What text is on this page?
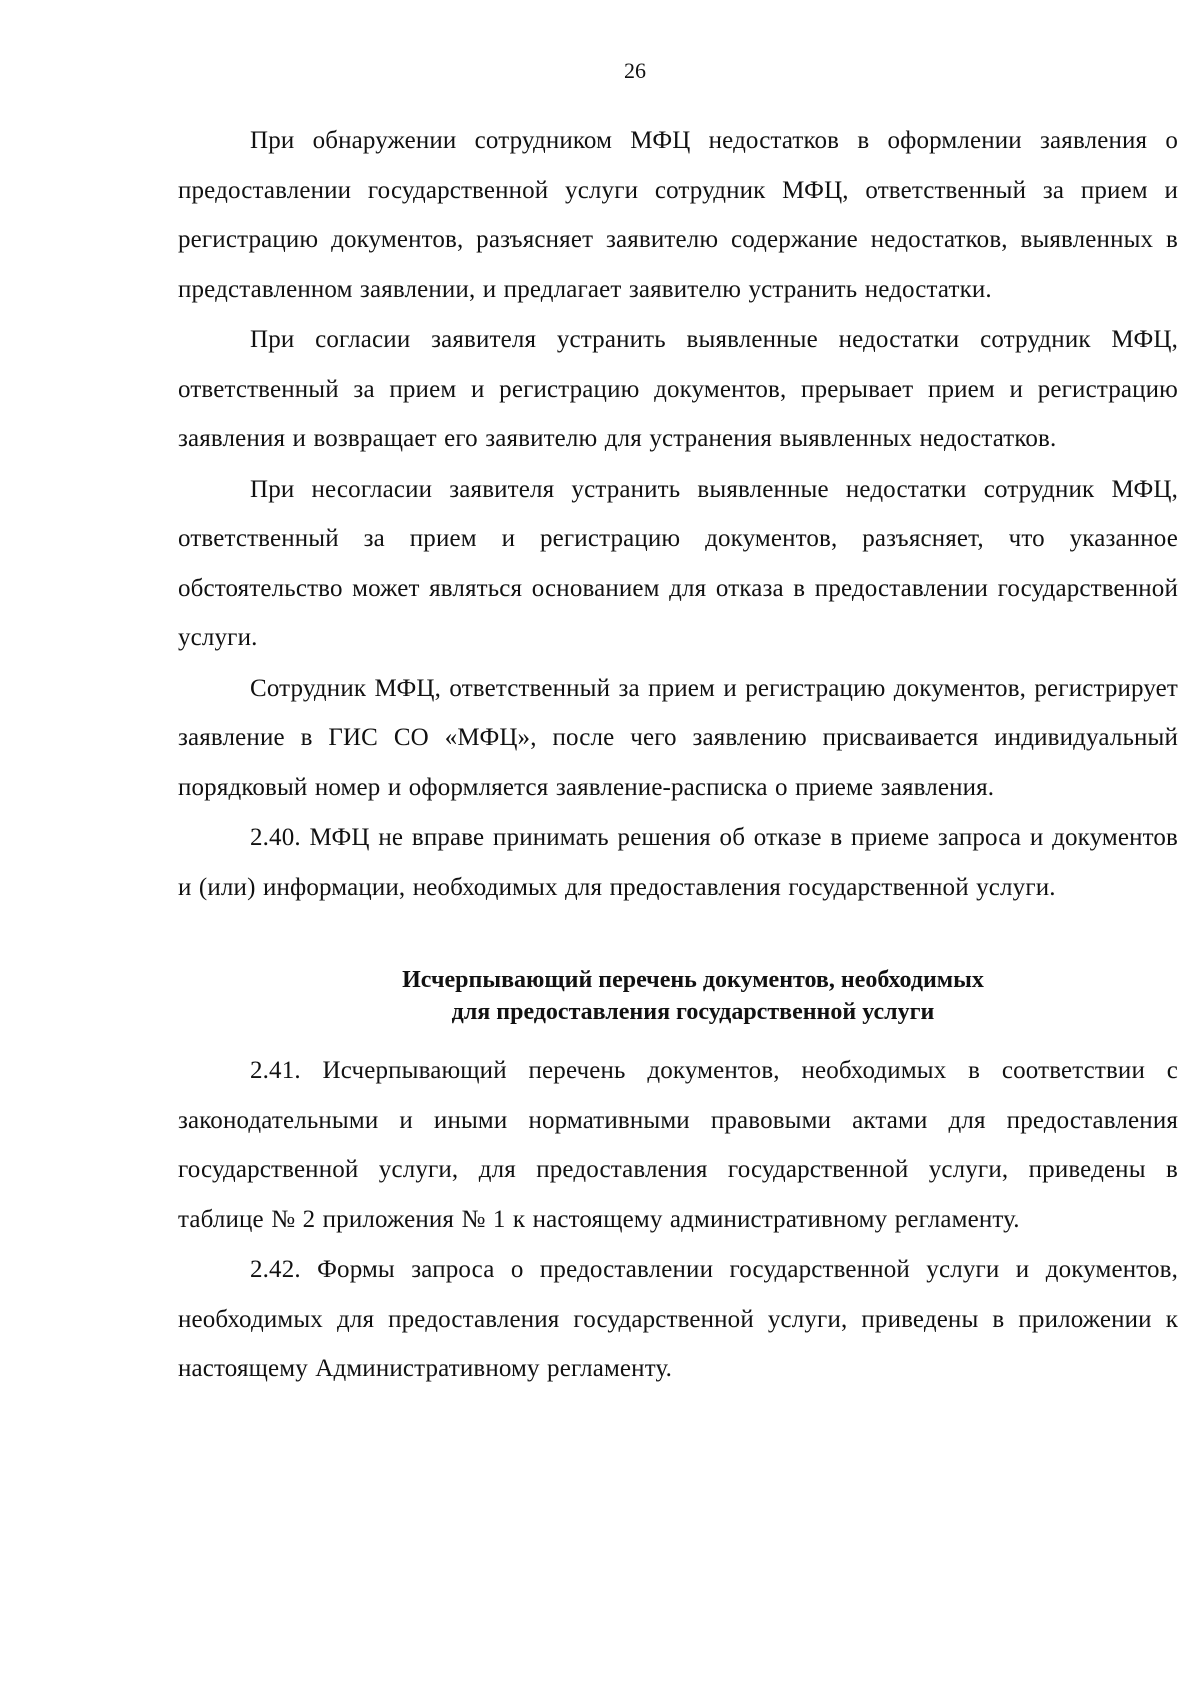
26

При обнаружении сотрудником МФЦ недостатков в оформлении заявления о предоставлении государственной услуги сотрудник МФЦ, ответственный за прием и регистрацию документов, разъясняет заявителю содержание недостатков, выявленных в представленном заявлении, и предлагает заявителю устранить недостатки.

При согласии заявителя устранить выявленные недостатки сотрудник МФЦ, ответственный за прием и регистрацию документов, прерывает прием и регистрацию заявления и возвращает его заявителю для устранения выявленных недостатков.

При несогласии заявителя устранить выявленные недостатки сотрудник МФЦ, ответственный за прием и регистрацию документов, разъясняет, что указанное обстоятельство может являться основанием для отказа в предоставлении государственной услуги.

Сотрудник МФЦ, ответственный за прием и регистрацию документов, регистрирует заявление в ГИС СО «МФЦ», после чего заявлению присваивается индивидуальный порядковый номер и оформляется заявление-расписка о приеме заявления.

2.40. МФЦ не вправе принимать решения об отказе в приеме запроса и документов и (или) информации, необходимых для предоставления государственной услуги.

Исчерпывающий перечень документов, необходимых
для предоставления государственной услуги

2.41. Исчерпывающий перечень документов, необходимых в соответствии с законодательными и иными нормативными правовыми актами для предоставления государственной услуги, для предоставления государственной услуги, приведены в таблице № 2 приложения № 1 к настоящему административному регламенту.

2.42. Формы запроса о предоставлении государственной услуги и документов, необходимых для предоставления государственной услуги, приведены в приложении к настоящему Административному регламенту.
